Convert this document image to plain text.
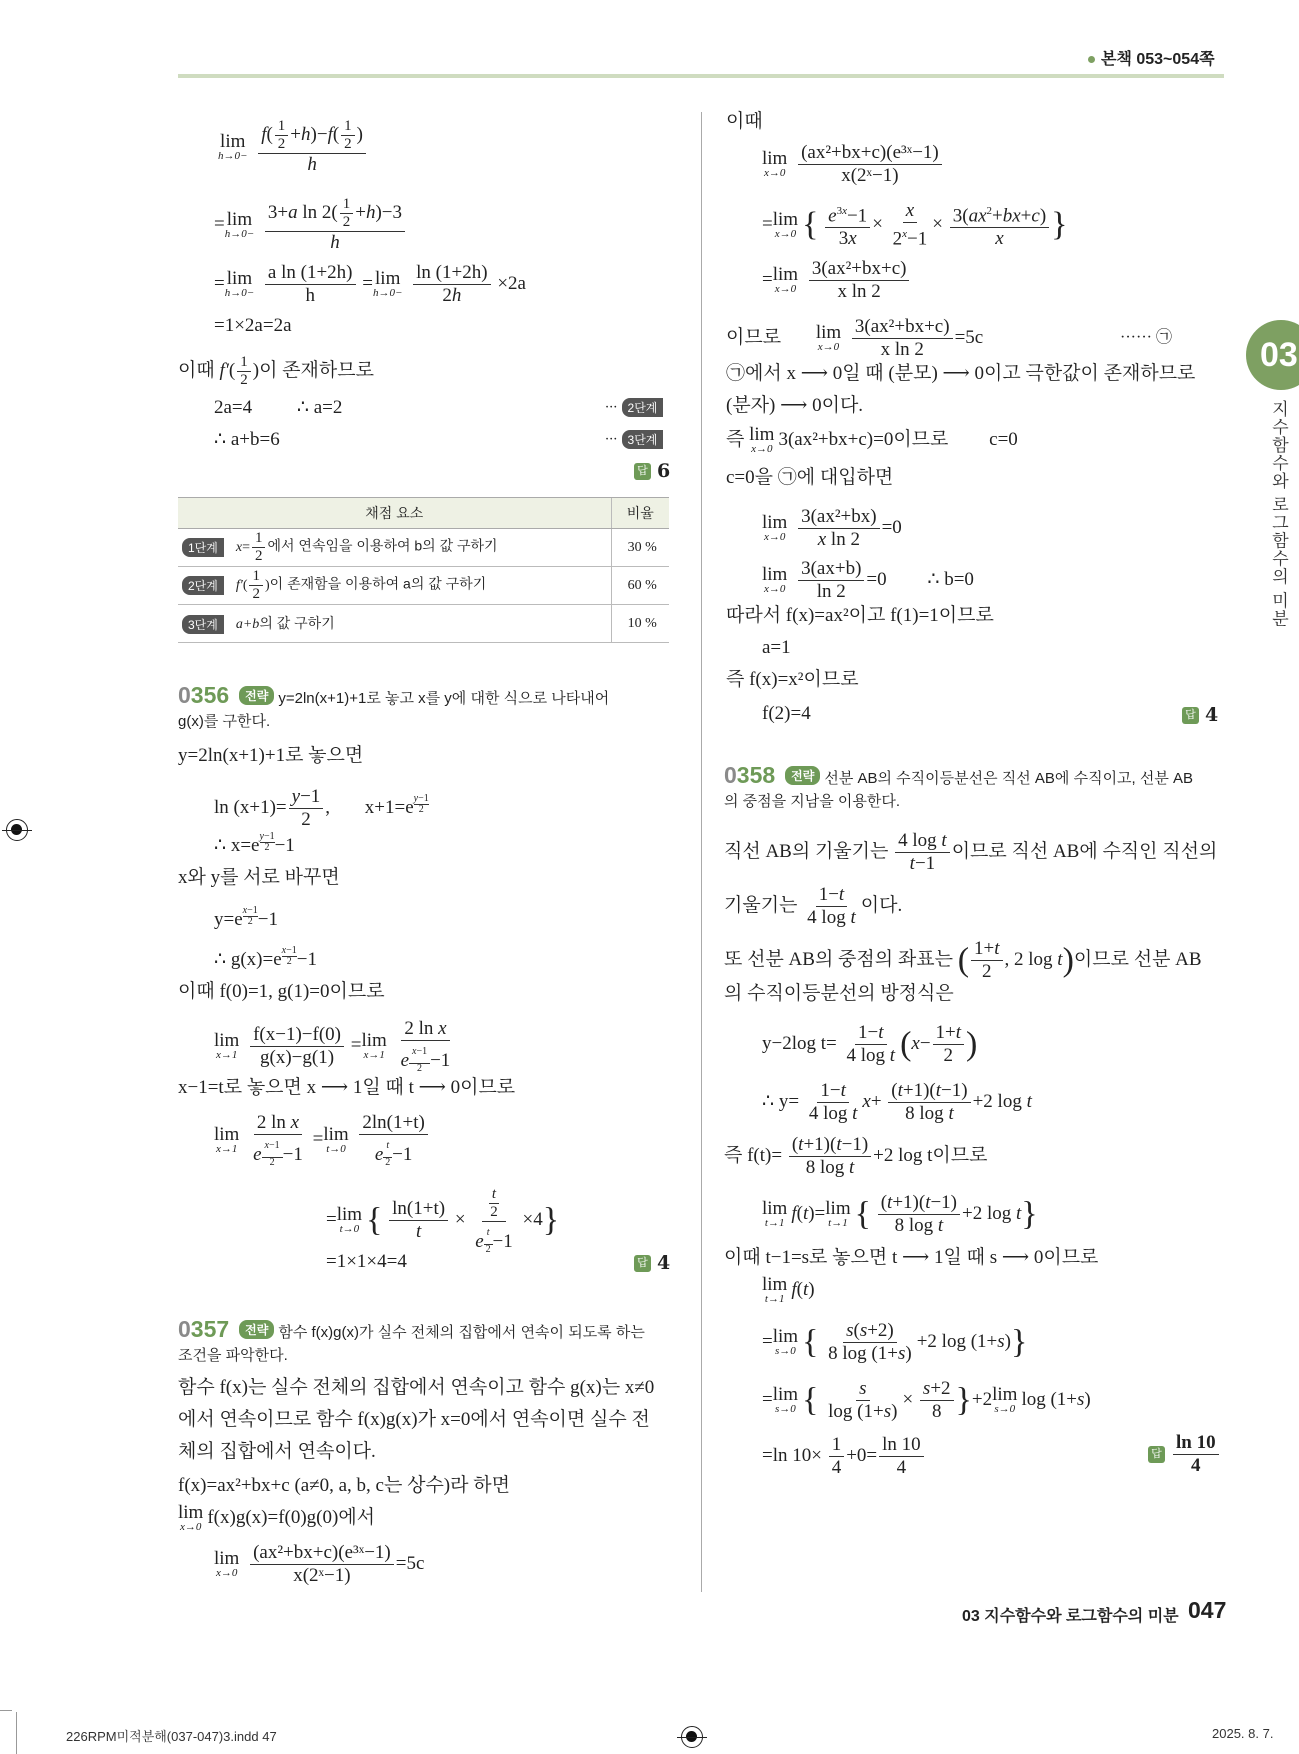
본책 053~054쪽
03
지수함수와 로그함수의 미분
lim
h→0−
$\frac{f( \frac{1}{2} +h)-f( \frac{1}{2} )}{h}$
= lim
h→0−
$\frac{3+a \ln 2( \frac{1}{2} +h)-3}{h}$
= lim
h→0−
$\frac{\text{a ln (1+2h)}}{h} = \lim$
h→0−
$\frac{\ln (1+2h)}{2h} \times 2a$
=1×2a=2a
이때 $f'( \frac{1}{2}$ )이 존재하므로
2a=4 ∴ a=2	··· 2단계
∴ a+b=6	··· 3단계
답 6
채점 요소	비율
1단계 $x= \frac{1}{2}$ 에서 연속임을 이용하여 b의 값 구하기	30 %
2단계 $f'( \frac{1}{2}$ )이 존재함을 이용하여 a의 값 구하기	60 %
3단계 a+b의 값 구하기	10 %
0356 전략 y=2ln(x+1)+1로 놓고 x를 y에 대한 식으로 나타내어
g(x)를 구한다.
y=2ln(x+1)+1로 놓으면
$\ln (x+1)= \frac{y-1}{2}$ , $x+1=e \frac{y-1}{2}$
∴ $x=e \frac{y-1}{2} -1$
x와 y를 서로 바꾸면
$y=e \frac{x-1}{2} -1$
∴ $g(x)=e \frac{x-1}{2} -1$
이때 f(0)=1, g(1)=0이므로
lim
x→1
$\frac{f(x-1)-f(0)}{g(x)-g(1)} = \lim$
x→1
$\frac{\text{2 ln x}}{e \frac{x-1}{2} -1}$
x−1=t로 놓으면 x ⟶ 1일 때 t ⟶ 0이므로
lim
x→1
$\frac{\text{2 ln x}}{e \frac{x-1}{2} -1} = \lim$
t→0
$\frac{2\ln(1+t)}{e \frac{t}{2} -1}$
= lim
t→0 { $\frac{\ln(1+t)}{t} \times \frac{\frac{t}{2}}{e \frac{t}{2} -1} \times 4$}
=1×1×4=4	답 4
0357 전략 함수 f(x)g(x)가 실수 전체의 집합에서 연속이 되도록 하는
조건을 파악한다.
함수 f(x)는 실수 전체의 집합에서 연속이고 함수 g(x)는 x≠0
에서 연속이므로 함수 f(x)g(x)가 x=0에서 연속이면 실수 전
체의 집합에서 연속이다.
f(x)=ax²+bx+c (a≠0, a, b, c는 상수)라 하면
lim
x→0 f(x)g(x)=f(0)g(0)에서
lim
x→0
$\frac{\text{(ax²+bx+c)(e³ˣ−1)}}{\text{x(2ˣ−1)}} =5c$
이때
lim
x→0
$\frac{\text{(ax²+bx+c)(e³ˣ−1)}}{\text{x(2ˣ−1)}}$
= lim
x→0 { $\frac{e^{3x}-1}{3x} \times \frac{x}{2^x-1} \times \frac{3(ax^2+bx+c)}{x}$ }
= lim
x→0
$\frac{\text{3(ax²+bx+c)}}{\text{x ln 2}}$
이므로 lim
x→0
$\frac{\text{3(ax²+bx+c)}}{\text{x ln 2}} =5c$	······ ㉠
㉠에서 x ⟶ 0일 때 (분모) ⟶ 0이고 극한값이 존재하므로
(분자) ⟶ 0이다.
즉 lim
x→0 3(ax²+bx+c)=0이므로 c=0
c=0을 ㉠에 대입하면
lim
x→0
$\frac{\text{3(ax²+bx)}}{\text{x ln 2}} =0$
lim
x→0
$\frac{3(ax+b)}{\ln 2} =0$ ∴ b=0
따라서 f(x)=ax²이고 f(1)=1이므로
a=1
즉 f(x)=x²이므로
f(2)=4	답 4
0358 전략 선분 AB의 수직이등분선은 직선 AB에 수직이고, 선분 AB
의 중점을 지남을 이용한다.
직선 AB의 기울기는 $\frac{\text{4 log t}}{t-1}$ 이므로 직선 AB에 수직인 직선의
기울기는 $\frac{1-t}{\text{4 log t}}$ 이다.
또 선분 AB의 중점의 좌표는 ( $\frac{1+t}{2}$ , 2 log t)이므로 선분 AB
의 수직이등분선의 방정식은
y−2log $t= \frac{1-t}{\text{4 log t}} (x- \frac{1+t}{2}$ )
∴ $y= \frac{1-t}{\text{4 log t}} x+ \frac{(t+1)(t-1)}{\text{8 log t}} +2$ log t
즉 $f(t)= \frac{(t+1)(t-1)}{\text{8 log t}} +2$ log t이므로
lim
t→1 f(t)= lim
t→1 { $\frac{(t+1)(t-1)}{\text{8 log t}} +2$ log t}
이때 t−1=s로 놓으면 t ⟶ 1일 때 s ⟶ 0이므로
lim
t→1 f(t)
= lim
s→0 { $\frac{s(s+2)}{8 \log (1+s)} +2$ log (1+s)}
= lim
s→0 { $\frac{s}{\log (1+s)} \times \frac{s+2}{8} \}+2$ lim
s→0 log (1+s)
=ln $10\times \frac{1}{4} +0= \frac{\ln 10}{4}$	답 $\frac{\ln 10}{4}$
03 지수함수와 로그함수의 미분 047
226RPM미적분해(037-047)3.indd 47	2025. 8. 7.
